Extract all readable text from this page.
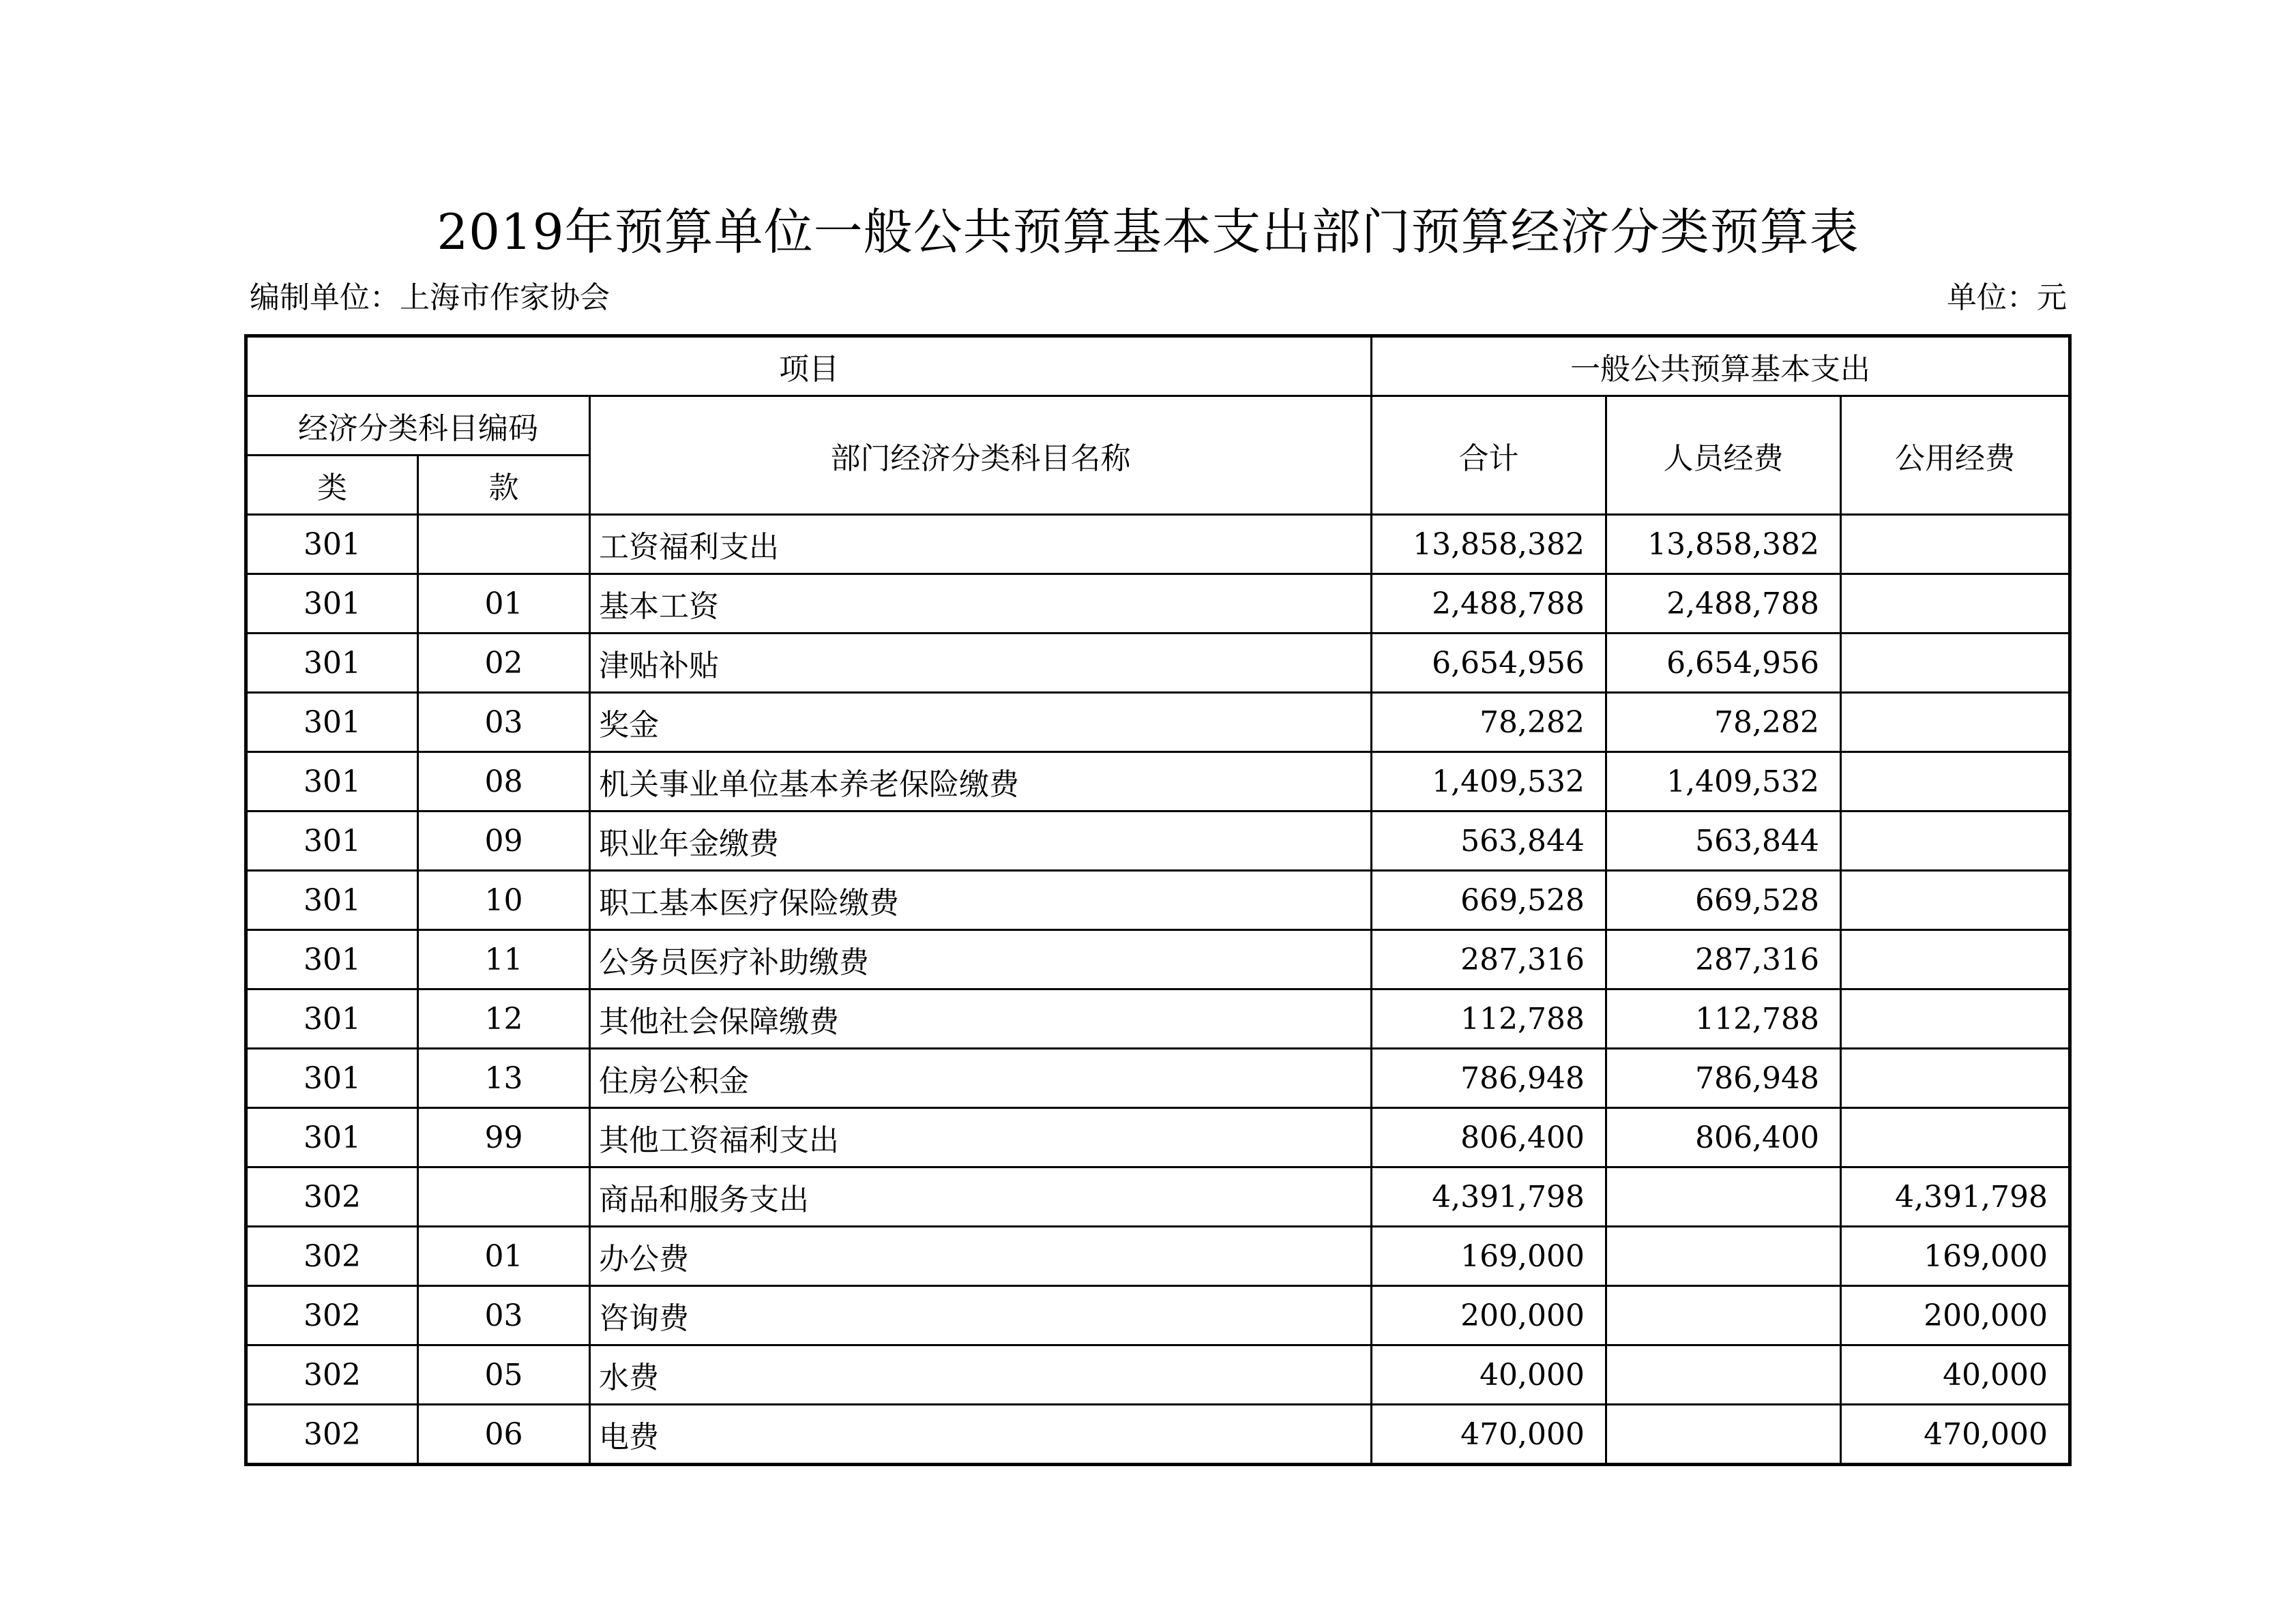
2019年预算单位一般公共预算基本支出部门预算经济分类预算表
编制单位：上海市作家协会	单位：元
项目			一般公共预算基本支出		
经济分类科目编码		部门经济分类科目名称	合计	人员经费	公用经费
类	款				
301		工资福利支出	13,858,382	13,858,382	
301	01	基本工资	2,488,788	2,488,788	
301	02	津贴补贴	6,654,956	6,654,956	
301	03	奖金	78,282	78,282	
301	08	机关事业单位基本养老保险缴费	1,409,532	1,409,532	
301	09	职业年金缴费	563,844	563,844	
301	10	职工基本医疗保险缴费	669,528	669,528	
301	11	公务员医疗补助缴费	287,316	287,316	
301	12	其他社会保障缴费	112,788	112,788	
301	13	住房公积金	786,948	786,948	
301	99	其他工资福利支出	806,400	806,400	
302		商品和服务支出	4,391,798		4,391,798
302	01	办公费	169,000		169,000
302	03	咨询费	200,000		200,000
302	05	水费	40,000		40,000
302	06	电费	470,000		470,000
